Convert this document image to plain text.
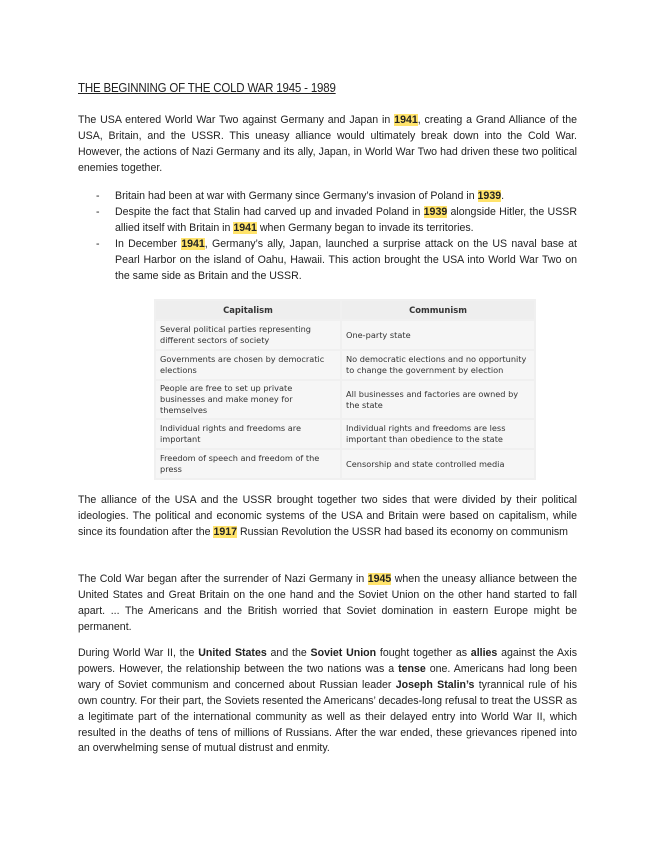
THE BEGINNING OF THE COLD WAR 1945 - 1989

The USA entered World War Two against Germany and Japan in 1941, creating a Grand Alliance of the USA, Britain, and the USSR. This uneasy alliance would ultimately break down into the Cold War. However, the actions of Nazi Germany and its ally, Japan, in World War Two had driven these two political enemies together.

- Britain had been at war with Germany since Germany’s invasion of Poland in 1939.
- Despite the fact that Stalin had carved up and invaded Poland in 1939 alongside Hitler, the USSR allied itself with Britain in 1941 when Germany began to invade its territories.
- In December 1941, Germany’s ally, Japan, launched a surprise attack on the US naval base at Pearl Harbor on the island of Oahu, Hawaii. This action brought the USA into World War Two on the same side as Britain and the USSR.
Capitalism	Communism
Several political parties representing different sectors of society	One-party state
Governments are chosen by democratic elections	No democratic elections and no opportunity to change the government by election
People are free to set up private businesses and make money for themselves	All businesses and factories are owned by the state
Individual rights and freedoms are important	Individual rights and freedoms are less important than obedience to the state
Freedom of speech and freedom of the press	Censorship and state controlled media

The alliance of the USA and the USSR brought together two sides that were divided by their political ideologies. The political and economic systems of the USA and Britain were based on capitalism, while since its foundation after the 1917 Russian Revolution the USSR had based its economy on communism

The Cold War began after the surrender of Nazi Germany in 1945 when the uneasy alliance between the United States and Great Britain on the one hand and the Soviet Union on the other hand started to fall apart. ... The Americans and the British worried that Soviet domination in eastern Europe might be permanent.

During World War II, the United States and the Soviet Union fought together as allies against the Axis powers. However, the relationship between the two nations was a tense one. Americans had long been wary of Soviet communism and concerned about Russian leader Joseph Stalin’s tyrannical rule of his own country. For their part, the Soviets resented the Americans’ decades-long refusal to treat the USSR as a legitimate part of the international community as well as their delayed entry into World War II, which resulted in the deaths of tens of millions of Russians. After the war ended, these grievances ripened into an overwhelming sense of mutual distrust and enmity.
